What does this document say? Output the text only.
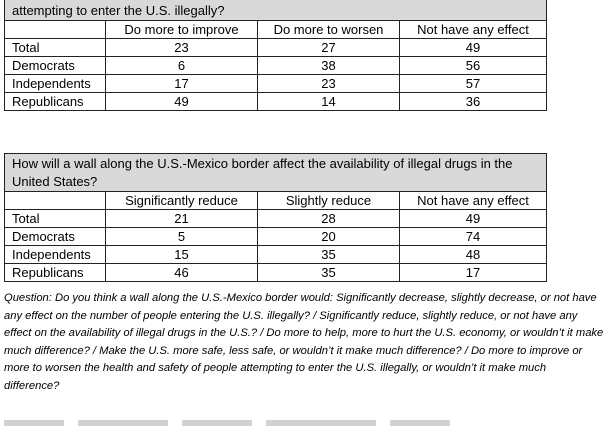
attempting to enter the U.S. illegally?			
	Do more to improve	Do more to worsen	Not have any effect
Total	23	27	49
Democrats	6	38	56
Independents	17	23	57
Republicans	49	14	36
How will a wall along the U.S.-Mexico border affect the availability of illegal drugs in the United States?			
	Significantly reduce	Slightly reduce	Not have any effect
Total	21	28	49
Democrats	5	20	74
Independents	15	35	48
Republicans	46	35	17
Question: Do you think a wall along the U.S.-Mexico border would: Significantly decrease, slightly decrease, or not have any effect on the number of people entering the U.S. illegally? / Significantly reduce, slightly reduce, or not have any effect on the availability of illegal drugs in the U.S.? / Do more to help, more to hurt the U.S. economy, or wouldn’t it make much difference? / Make the U.S. more safe, less safe, or wouldn’t it make much difference? / Do more to improve or more to worsen the health and safety of people attempting to enter the U.S. illegally, or wouldn’t it make much difference?
